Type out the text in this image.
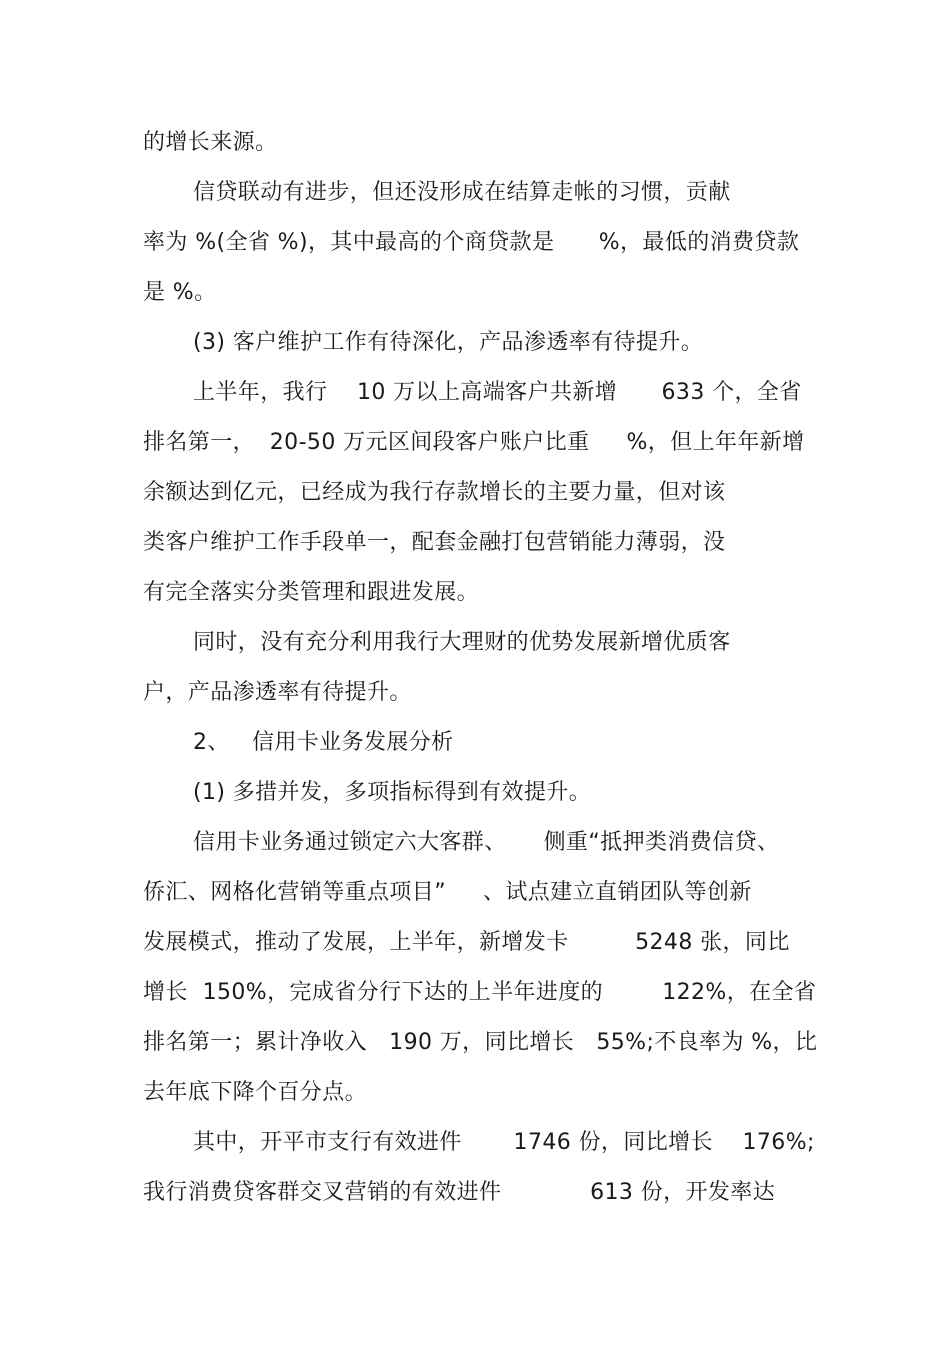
的增长来源。
信贷联动有进步，但还没形成在结算走帐的习惯，贡献
率为 %(全省 %)，其中最高的个商贷款是      %，最低的消费贷款
是 %。
(3) 客户维护工作有待深化，产品渗透率有待提升。
上半年，我行    10 万以上高端客户共新增      633 个，全省
排名第一，  20-50 万元区间段客户账户比重     %，但上年年新增
余额达到亿元，已经成为我行存款增长的主要力量，但对该
类客户维护工作手段单一，配套金融打包营销能力薄弱，没
有完全落实分类管理和跟进发展。
同时，没有充分利用我行大理财的优势发展新增优质客
户，产品渗透率有待提升。
2、   信用卡业务发展分析
(1) 多措并发，多项指标得到有效提升。
信用卡业务通过锁定六大客群、     侧重“抵押类消费信贷、
侨汇、网格化营销等重点项目”     、试点建立直销团队等创新
发展模式，推动了发展，上半年，新增发卡         5248 张，同比
增长  150%，完成省分行下达的上半年进度的        122%，在全省
排名第一；累计净收入   190 万，同比增长   55%;不良率为 %，比
去年底下降个百分点。
其中，开平市支行有效进件       1746 份，同比增长    176%;
我行消费贷客群交叉营销的有效进件            613 份，开发率达
